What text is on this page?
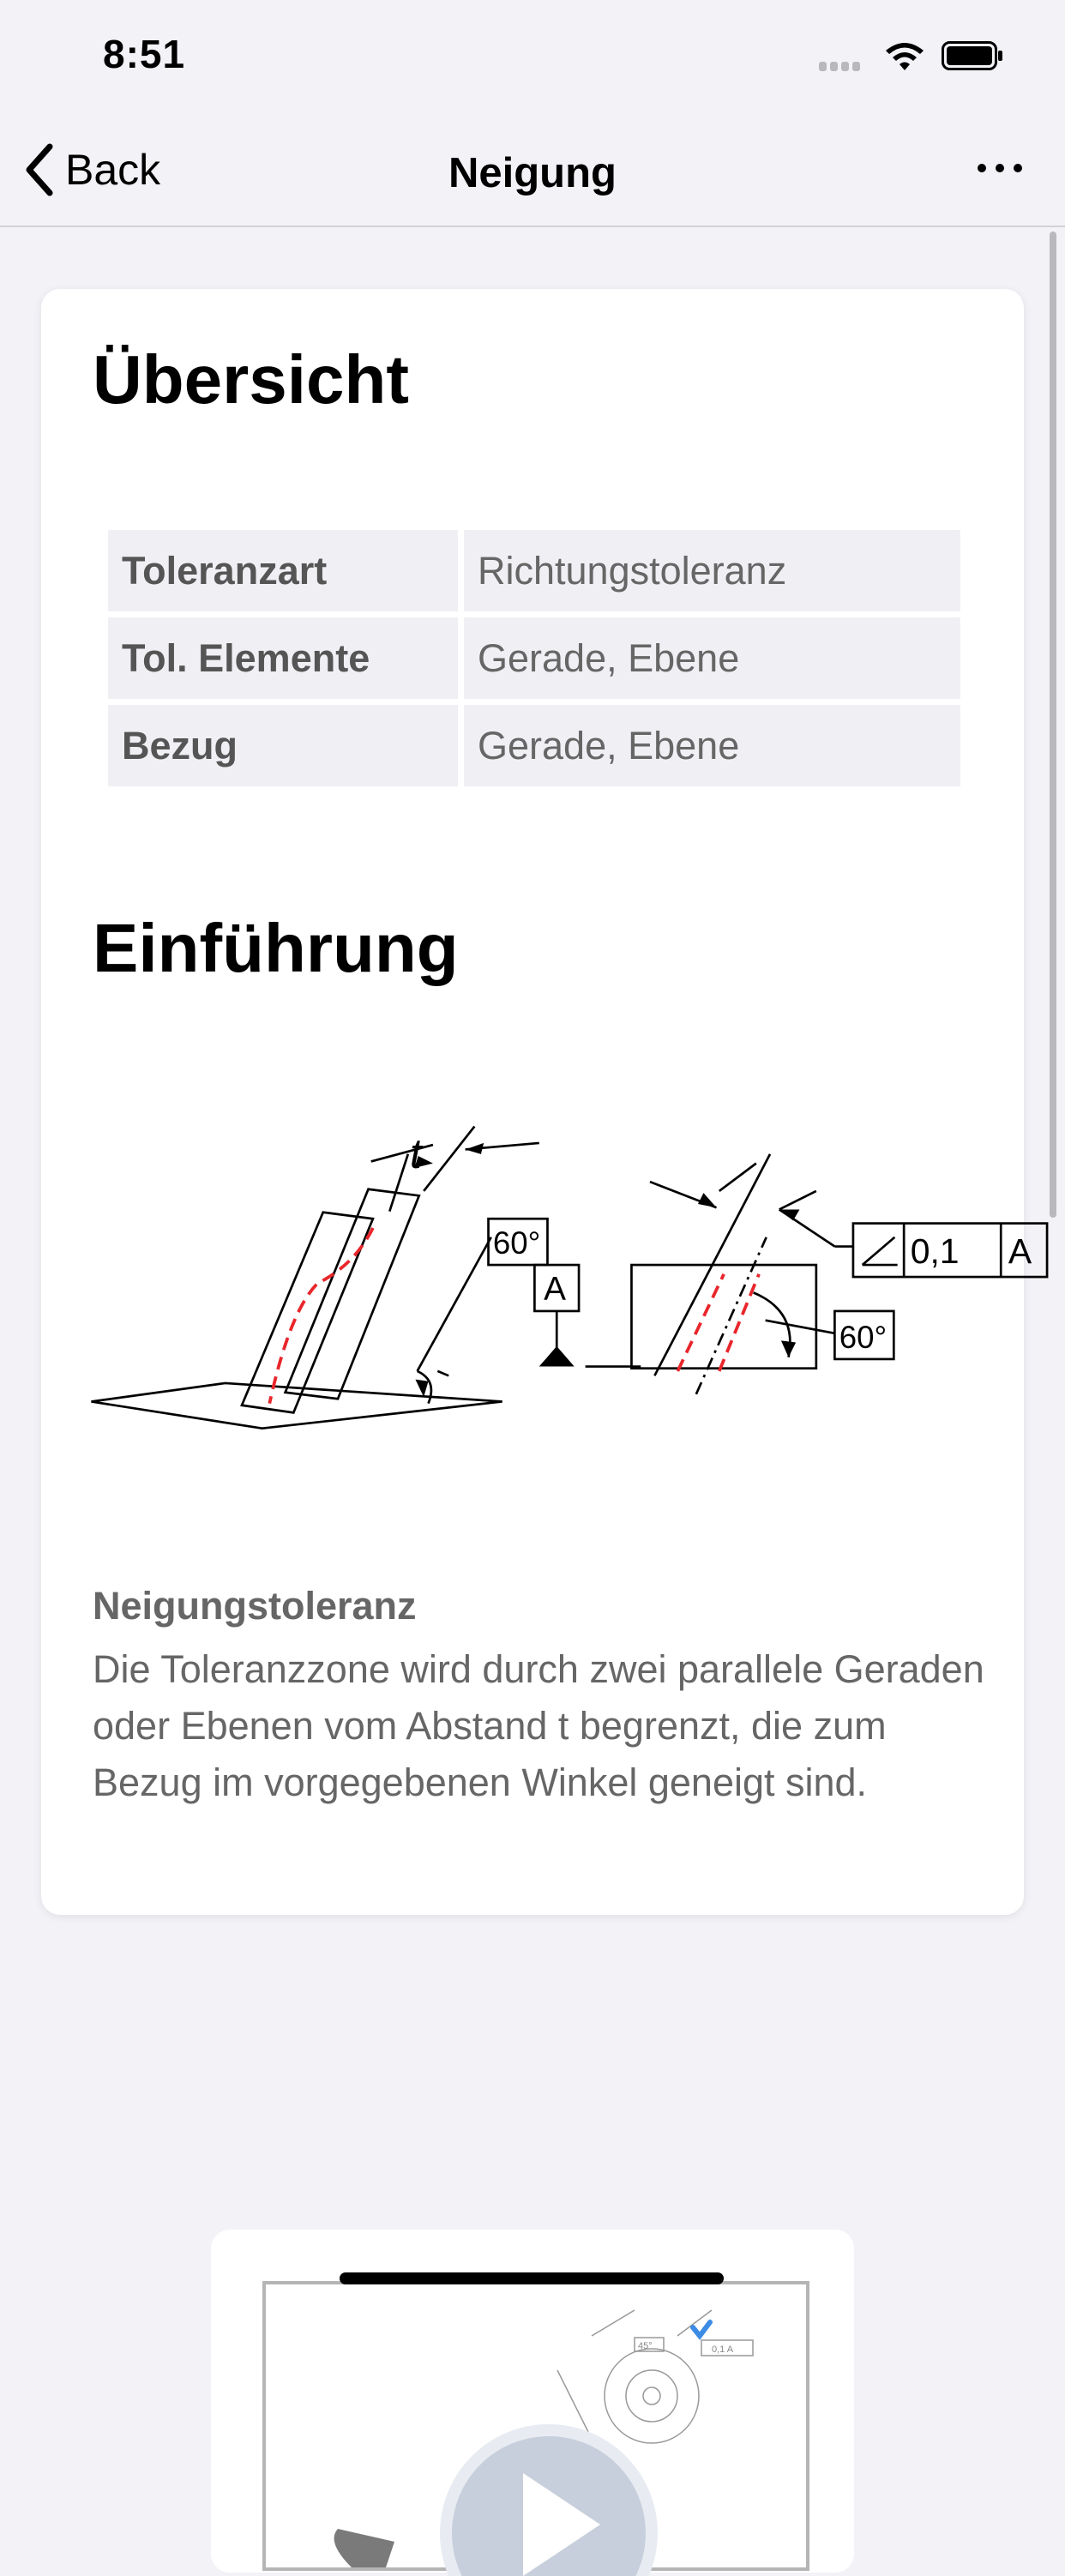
8:51
Back	Neigung
Übersicht
Toleranzart	Richtungstoleranz
Tol. Elemente	Gerade, Ebene
Bezug	Gerade, Ebene
Einführung
t
60°
A
0,1 A
60°
Neigungstoleranz
Die Toleranzzone wird durch zwei parallele Geraden oder Ebenen vom Abstand t begrenzt, die zum Bezug im vorgegebenen Winkel geneigt sind.
45°	0,1 A
